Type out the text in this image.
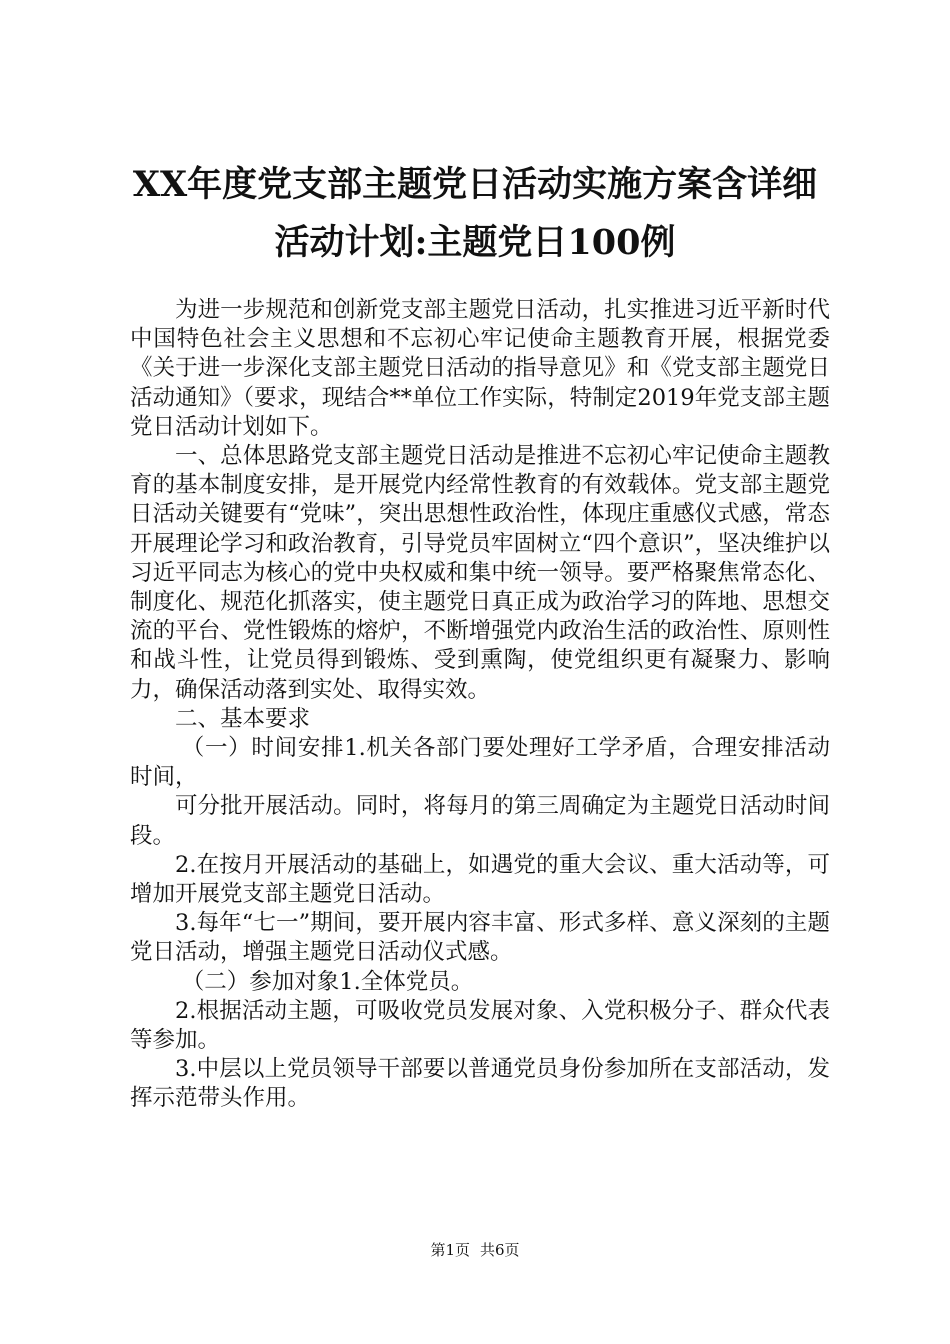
XX年度党支部主题党日活动实施方案含详细
活动计划:主题党日100例

为进一步规范和创新党支部主题党日活动，扎实推进习近平新时代中国特色社会主义思想和不忘初心牢记使命主题教育开展，根据党委《关于进一步深化支部主题党日活动的指导意见》和《党支部主题党日活动通知》（要求，现结合**单位工作实际，特制定2019年党支部主题党日活动计划如下。

一、总体思路党支部主题党日活动是推进不忘初心牢记使命主题教育的基本制度安排，是开展党内经常性教育的有效载体。党支部主题党日活动关键要有“党味”，突出思想性政治性，体现庄重感仪式感，常态开展理论学习和政治教育，引导党员牢固树立“四个意识”，坚决维护以习近平同志为核心的党中央权威和集中统一领导。要严格聚焦常态化、制度化、规范化抓落实，使主题党日真正成为政治学习的阵地、思想交流的平台、党性锻炼的熔炉，不断增强党内政治生活的政治性、原则性和战斗性，让党员得到锻炼、受到熏陶，使党组织更有凝聚力、影响力，确保活动落到实处、取得实效。

二、基本要求

（一）时间安排1.机关各部门要处理好工学矛盾，合理安排活动时间，

可分批开展活动。同时，将每月的第三周确定为主题党日活动时间段。

2.在按月开展活动的基础上，如遇党的重大会议、重大活动等，可增加开展党支部主题党日活动。

3.每年“七一”期间，要开展内容丰富、形式多样、意义深刻的主题党日活动，增强主题党日活动仪式感。

（二）参加对象1.全体党员。

2.根据活动主题，可吸收党员发展对象、入党积极分子、群众代表等参加。

3.中层以上党员领导干部要以普通党员身份参加所在支部活动，发挥示范带头作用。

第1页 共6页
